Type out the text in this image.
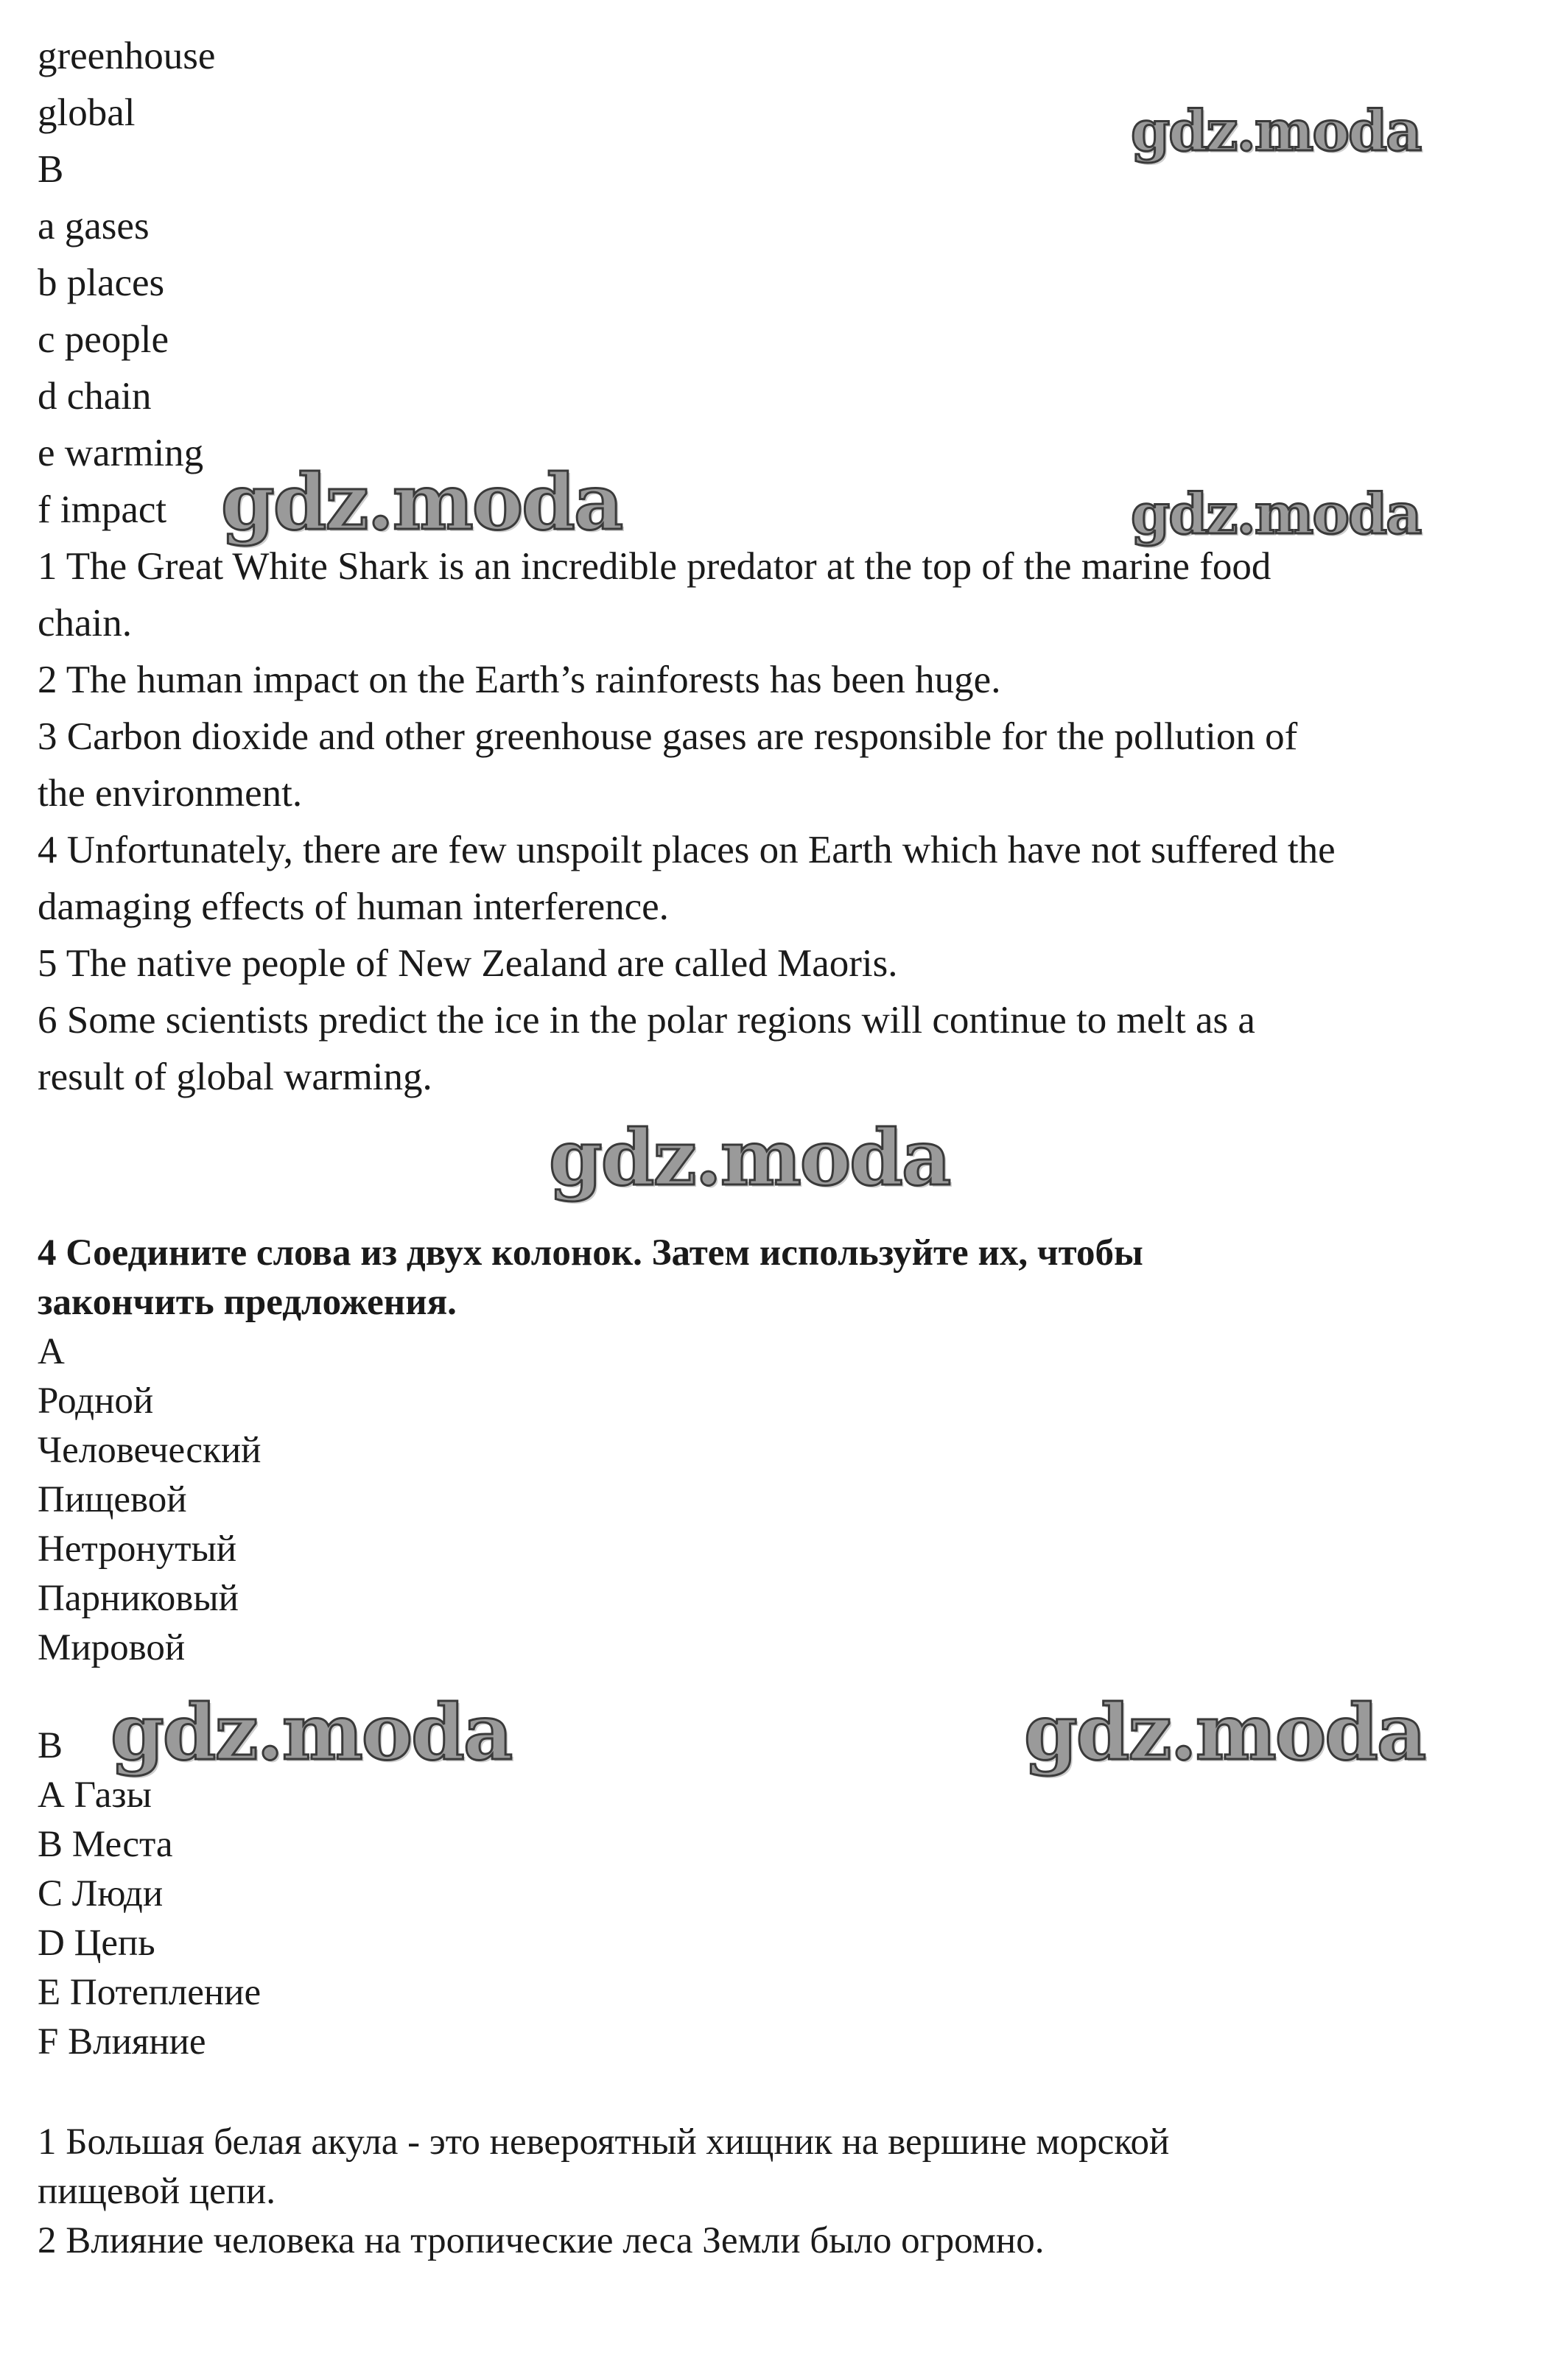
greenhouse
global
B
a gases
b places
c people
d chain
e warming
f impact
1 The Great White Shark is an incredible predator at the top of the marine food
chain.
2 The human impact on the Earth’s rainforests has been huge.
3 Carbon dioxide and other greenhouse gases are responsible for the pollution of
the environment.
4 Unfortunately, there are few unspoilt places on Earth which have not suffered the
damaging effects of human interference.
5 The native people of New Zealand are called Maoris.
6 Some scientists predict the ice in the polar regions will continue to melt as a
result of global warming.
4 Соедините слова из двух колонок. Затем используйте их, чтобы
закончить предложения.
А
Родной
Человеческий
Пищевой
Нетронутый
Парниковый
Мировой
В
А Газы
В Места
С Люди
D Цепь
Е Потепление
F Влияние
1 Большая белая акула - это невероятный хищник на вершине морской
пищевой цепи.
2 Влияние человека на тропические леса Земли было огромно.
gdz.moda
gdz.moda	gdz.moda
gdz.moda
gdz.moda	gdz.moda
